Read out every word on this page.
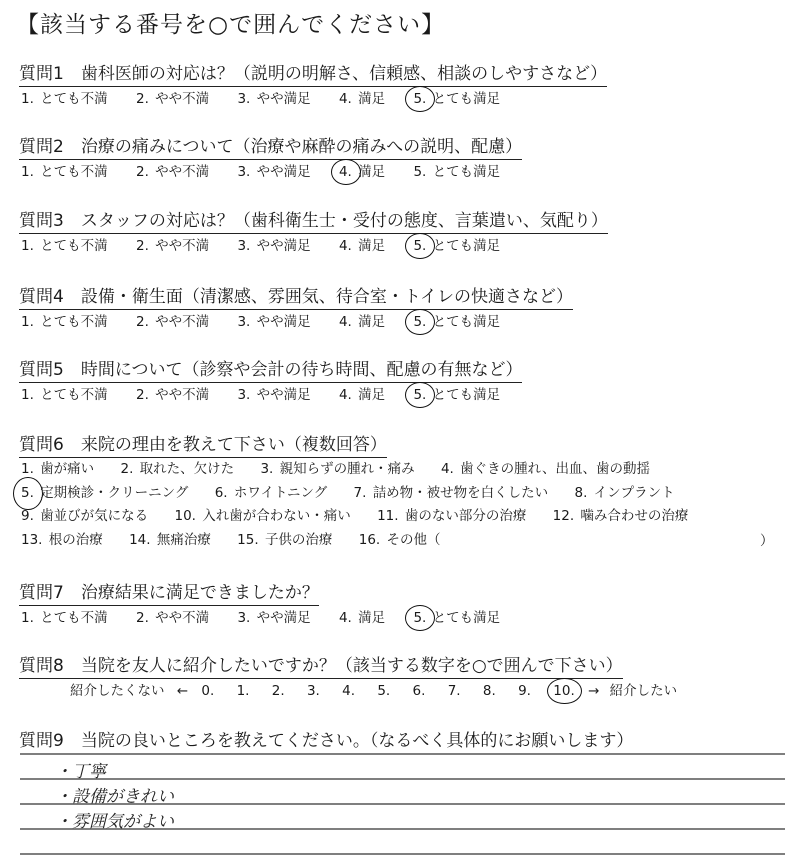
【該当する番号を○で囲んでください】
質問1　歯科医師の対応は？（説明の明解さ、信頼感、相談のしやすさなど）
1. とても不満 2. やや不満 3. やや満足 4. 満足 5. とても満足
質問2　治療の痛みについて（治療や麻酔の痛みへの説明、配慮）
1. とても不満 2. やや不満 3. やや満足 4. 満足 5. とても満足
質問3　スタッフの対応は？（歯科衛生士・受付の態度、言葉遣い、気配り）
1. とても不満 2. やや不満 3. やや満足 4. 満足 5. とても満足
質問4　設備・衛生面（清潔感、雰囲気、待合室・トイレの快適さなど）
1. とても不満 2. やや不満 3. やや満足 4. 満足 5. とても満足
質問5　時間について（診察や会計の待ち時間、配慮の有無など）
1. とても不満 2. やや不満 3. やや満足 4. 満足 5. とても満足
質問6　来院の理由を教えて下さい（複数回答）
1. 歯が痛い 2. 取れた、欠けた 3. 親知らずの腫れ・痛み 4. 歯ぐきの腫れ、出血、歯の動揺
5. 定期検診・クリーニング 6. ホワイトニング 7. 詰め物・被せ物を白くしたい 8. インプラント
9. 歯並びが気になる 10. 入れ歯が合わない・痛い 11. 歯のない部分の治療 12. 噛み合わせの治療
13. 根の治療 14. 無痛治療 15. 子供の治療 16. その他（	）
質問7　治療結果に満足できましたか？
1. とても不満 2. やや不満 3. やや満足 4. 満足 5. とても満足
質問8　当院を友人に紹介したいですか？（該当する数字を○で囲んで下さい）
紹介したくない ← 0. 1. 2. 3. 4. 5. 6. 7. 8. 9. 10. → 紹介したい
質問9　当院の良いところを教えてください。（なるべく具体的にお願いします）
・丁寧
・設備がきれい
・雰囲気がよい
